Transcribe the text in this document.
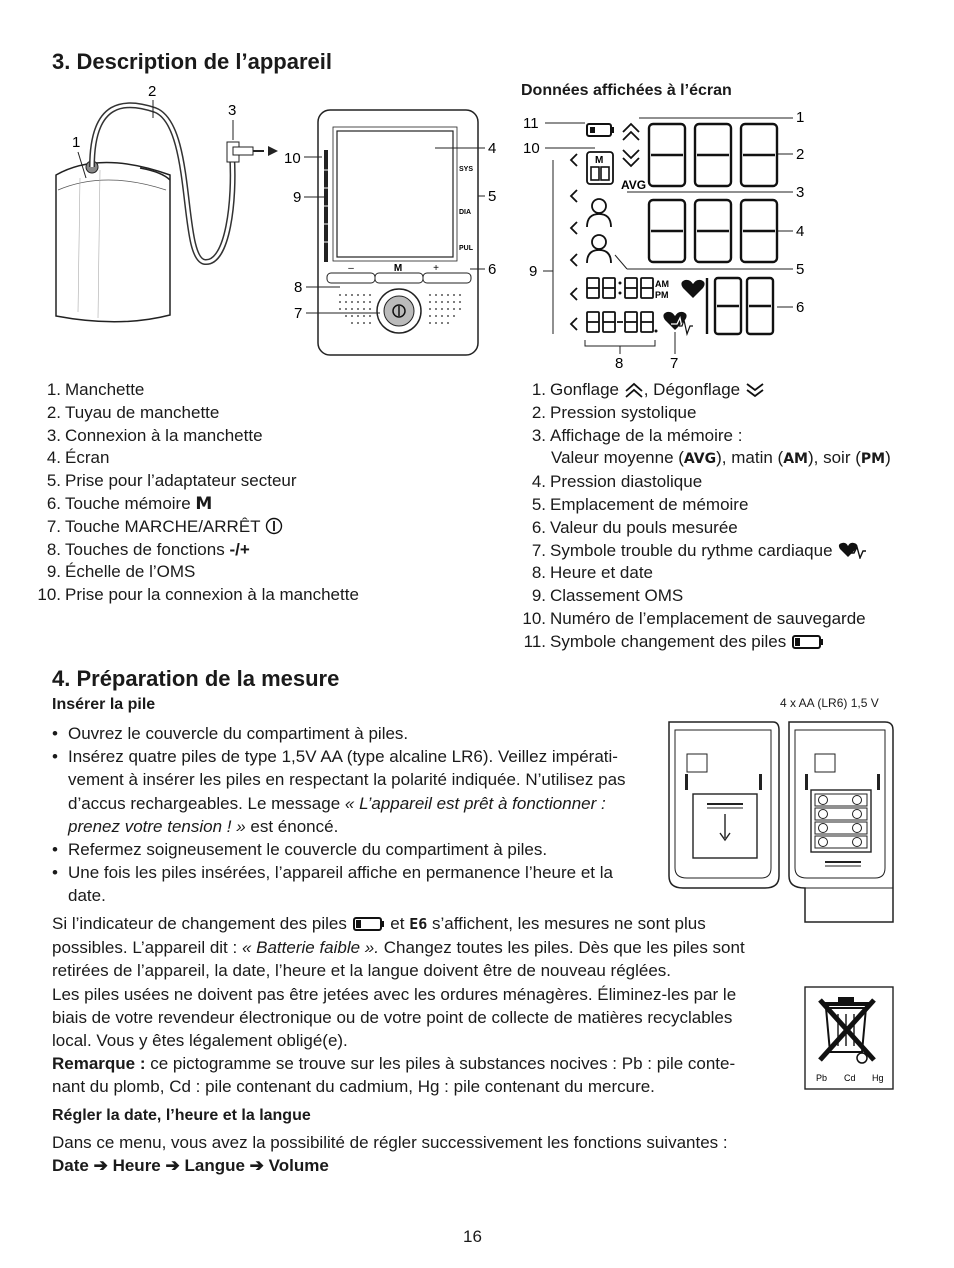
3. Description de l’appareil
1
2
3
SYS
DIA
PUL
–	M	+
10
9
4
5
6
8
7
Données affichées à l’écran
11
10
9
1
2
3
4
5
6
8	7
M
AVG
AM
PM
1. Manchette
2. Tuyau de manchette
3. Connexion à la manchette
4. Écran
5. Prise pour l’adaptateur secteur
6. Touche mémoire M
7. Touche MARCHE/ARRÊT
8. Touches de fonctions -/+
9. Échelle de l’OMS
10. Prise pour la connexion à la manchette
1. Gonflage , Dégonflage
2. Pression systolique
3. Affichage de la mémoire :
Valeur moyenne (AVG), matin (AM), soir (PM)
4. Pression diastolique
5. Emplacement de mémoire
6. Valeur du pouls mesurée
7. Symbole trouble du rythme cardiaque
8. Heure et date
9. Classement OMS
10. Numéro de l’emplacement de sauvegarde
11. Symbole changement des piles
4. Préparation de la mesure
Insérer la pile
• Ouvrez le couvercle du compartiment à piles.
• Insérez quatre piles de type 1,5V AA (type alcaline LR6). Veillez impérati-
vement à insérer les piles en respectant la polarité indiquée. N’utilisez pas
d’accus rechargeables. Le message « L’appareil est prêt à fonctionner :
prenez votre tension ! » est énoncé.
• Refermez soigneusement le couvercle du compartiment à piles.
• Une fois les piles insérées, l’appareil affiche en permanence l’heure et la
date.
4 x AA (LR6) 1,5 V
Si l’indicateur de changement des piles  et E6 s’affichent, les mesures ne sont plus
possibles. L’appareil dit : « Batterie faible ». Changez toutes les piles. Dès que les piles sont
retirées de l’appareil, la date, l’heure et la langue doivent être de nouveau réglées.
Les piles usées ne doivent pas être jetées avec les ordures ménagères. Éliminez-les par le
biais de votre revendeur électronique ou de votre point de collecte de matières recyclables
local. Vous y êtes légalement obligé(e).
Remarque : ce pictogramme se trouve sur les piles à substances nocives : Pb : pile conte-
nant du plomb, Cd : pile contenant du cadmium, Hg : pile contenant du mercure.	Pb Cd Hg
Régler la date, l’heure et la langue
Dans ce menu, vous avez la possibilité de régler successivement les fonctions suivantes :
Date ➔ Heure ➔ Langue ➔ Volume
16
